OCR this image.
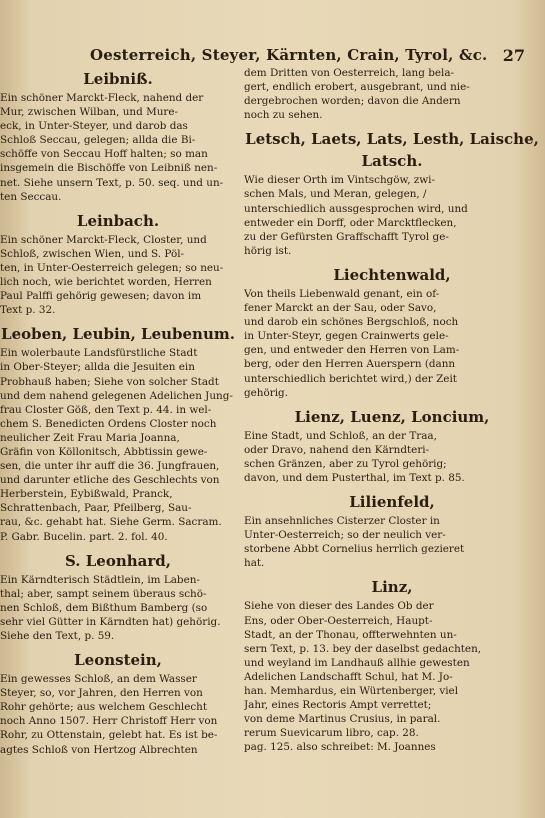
Oesterreich, Steyer, Kärnten, Crain, Tyrol, &c. 27
Leibniß.
Ein schöner Marckt-Fleck, nahend der
Mur, zwischen Wilban, und Mure-
eck, in Unter-Steyer, und darob das
Schloß Seccau, gelegen; allda die Bi-
schöffe von Seccau Hoff halten; so man
insgemein die Bischöffe von Leibniß nen-
net. Siehe unsern Text, p. 50. seq. und un-
ten Seccau.
Leinbach.
Ein schöner Marckt-Fleck, Closter, und
Schloß, zwischen Wien, und S. Pöl-
ten, in Unter-Oesterreich gelegen; so neu-
lich noch, wie berichtet worden, Herren
Paul Palffi gehörig gewesen; davon im
Text p. 32.
Leoben, Leubin, Leubenum.
Ein wolerbaute Landsfürstliche Stadt
in Ober-Steyer; allda die Jesuiten ein
Probhauß haben; Siehe von solcher Stadt
und dem nahend gelegenen Adelichen Jung-
frau Closter Göß, den Text p. 44. in wel-
chem S. Benedicten Ordens Closter noch
neulicher Zeit Frau Maria Joanna,
Gräfin von Köllonitsch, Abbtissin gewe-
sen, die unter ihr auff die 36. Jungfrauen,
und darunter etliche des Geschlechts von
Herberstein, Eybißwald, Pranck,
Schrattenbach, Paar, Pfeilberg, Sau-
rau, &c. gehabt hat. Siehe Germ. Sacram.
P. Gabr. Bucelin. part. 2. fol. 40.
S. Leonhard,
Ein Kärndterisch Städtlein, im Laben-
thal; aber, sampt seinem überaus schö-
nen Schloß, dem Bißthum Bamberg (so
sehr viel Gütter in Kärndten hat) gehörig.
Siehe den Text, p. 59.
Leonstein,
Ein gewesses Schloß, an dem Wasser
Steyer, so, vor Jahren, den Herren von
Rohr gehörte; aus welchem Geschlecht
noch Anno 1507. Herr Christoff Herr von
Rohr, zu Ottenstain, gelebt hat. Es ist be-
agtes Schloß von Hertzog Albrechten
dem Dritten von Oesterreich, lang bela-
gert, endlich erobert, ausgebrant, und nie-
dergebrochen worden; davon die Andern
noch zu sehen.
Letsch, Laets, Lats, Lesth, Laische, Latsch.
Wie dieser Orth im Vintschgöw, zwi-
schen Mals, und Meran, gelegen, /
unterschiedlich aussgesprochen wird, und
entweder ein Dorff, oder Marcktflecken,
zu der Gefürsten Graffschafft Tyrol ge-
hörig ist.
Liechtenwald,
Von theils Liebenwald genant, ein of-
fener Marckt an der Sau, oder Savo,
und darob ein schönes Bergschloß, noch
in Unter-Steyr, gegen Crainwerts gele-
gen, und entweder den Herren von Lam-
berg, oder den Herren Auerspern (dann
unterschiedlich berichtet wird,) der Zeit
gehörig.
Lienz, Luenz, Loncium,
Eine Stadt, und Schloß, an der Traa,
oder Dravo, nahend den Kärndteri-
schen Gränzen, aber zu Tyrol gehörig;
davon, und dem Pusterthal, im Text p. 85.
Lilienfeld,
Ein ansehnliches Cisterzer Closter in
Unter-Oesterreich; so der neulich ver-
storbene Abbt Cornelius herrlich gezieret
hat.
Linz,
Siehe von dieser des Landes Ob der
Ens, oder Ober-Oesterreich, Haupt-
Stadt, an der Thonau, offterwehnten un-
sern Text, p. 13. bey der daselbst gedachten,
und weyland im Landhauß allhie gewesten
Adelichen Landschafft Schul, hat M. Jo-
han. Memhardus, ein Würtenberger, viel
Jahr, eines Rectoris Ampt verrettet;
von deme Martinus Crusius, in paral.
rerum Suevicarum libro, cap. 28.
pag. 125. also schreibet: M. Joannes
